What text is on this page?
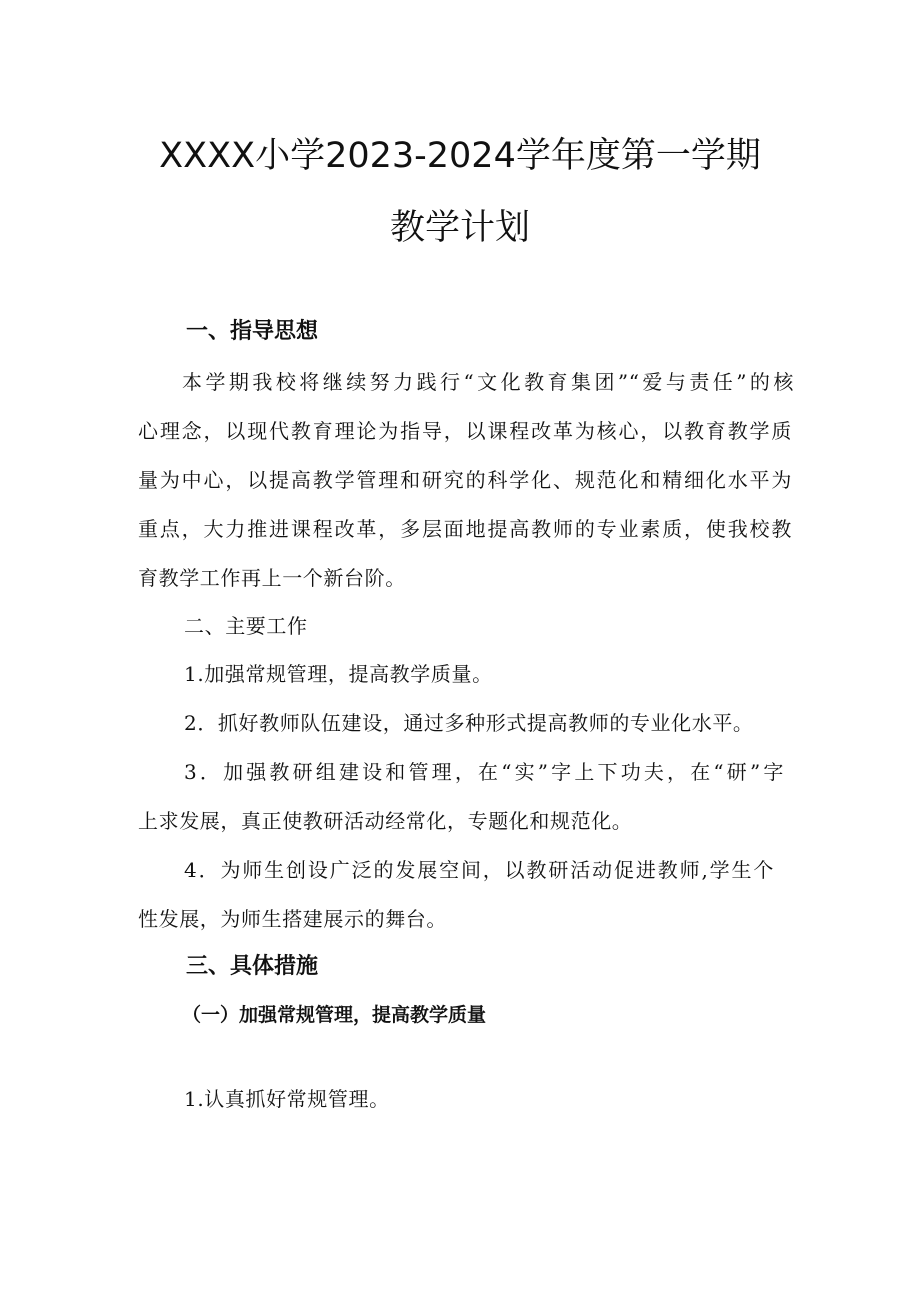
XXXX小学2023-2024学年度第一学期
教学计划
一、指导思想
本学期我校将继续努力践行“文化教育集团”“爱与责任”的核
心理念，以现代教育理论为指导，以课程改革为核心，以教育教学质
量为中心，以提高教学管理和研究的科学化、规范化和精细化水平为
重点，大力推进课程改革，多层面地提高教师的专业素质，使我校教
育教学工作再上一个新台阶。
二、主要工作
1.加强常规管理，提高教学质量。
2．抓好教师队伍建设，通过多种形式提高教师的专业化水平。
3．加强教研组建设和管理，在“实”字上下功夫，在“研”字
上求发展，真正使教研活动经常化，专题化和规范化。
4．为师生创设广泛的发展空间，以教研活动促进教师,学生个
性发展，为师生搭建展示的舞台。
三、具体措施
（一）加强常规管理，提高教学质量
1.认真抓好常规管理。
